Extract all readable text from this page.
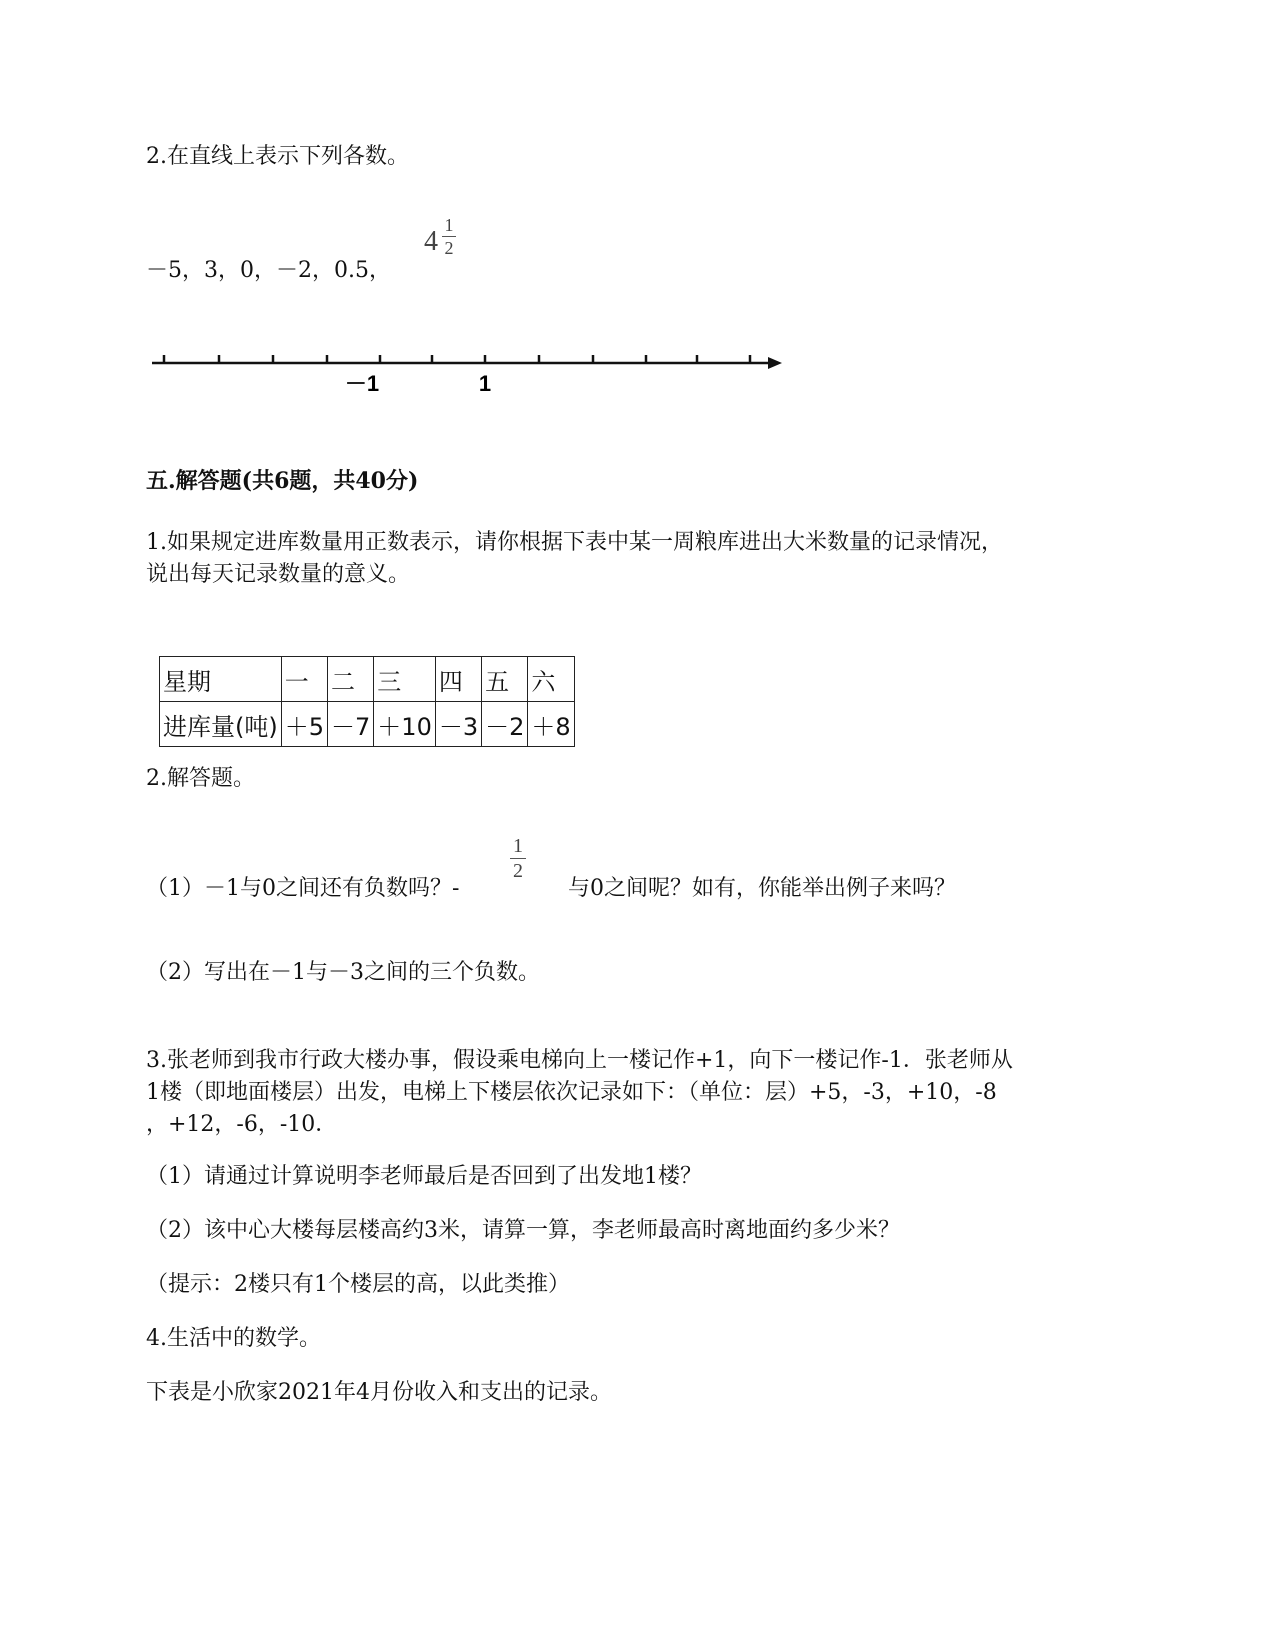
2.在直线上表示下列各数。
4
1
2
－5，3，0，－2，0.5，
－1	1
五.解答题(共6题，共40分)
1.如果规定进库数量用正数表示，请你根据下表中某一周粮库进出大米数量的记录情况，
说出每天记录数量的意义。
星期	一	二	三	四	五	六
进库量(吨)	＋5	－7	＋10	－3	－2	＋8
2.解答题。
（1）－1与0之间还有负数吗？-
1
2
与0之间呢？如有，你能举出例子来吗？
（2）写出在－1与－3之间的三个负数。
3.张老师到我市行政大楼办事，假设乘电梯向上一楼记作+1，向下一楼记作-1．张老师从
1楼（即地面楼层）出发，电梯上下楼层依次记录如下：（单位：层）+5，-3，+10，-8
，+12，-6，-10．
（1）请通过计算说明李老师最后是否回到了出发地1楼？
（2）该中心大楼每层楼高约3米，请算一算，李老师最高时离地面约多少米？
（提示：2楼只有1个楼层的高，以此类推）
4.生活中的数学。
下表是小欣家2021年4月份收入和支出的记录。
